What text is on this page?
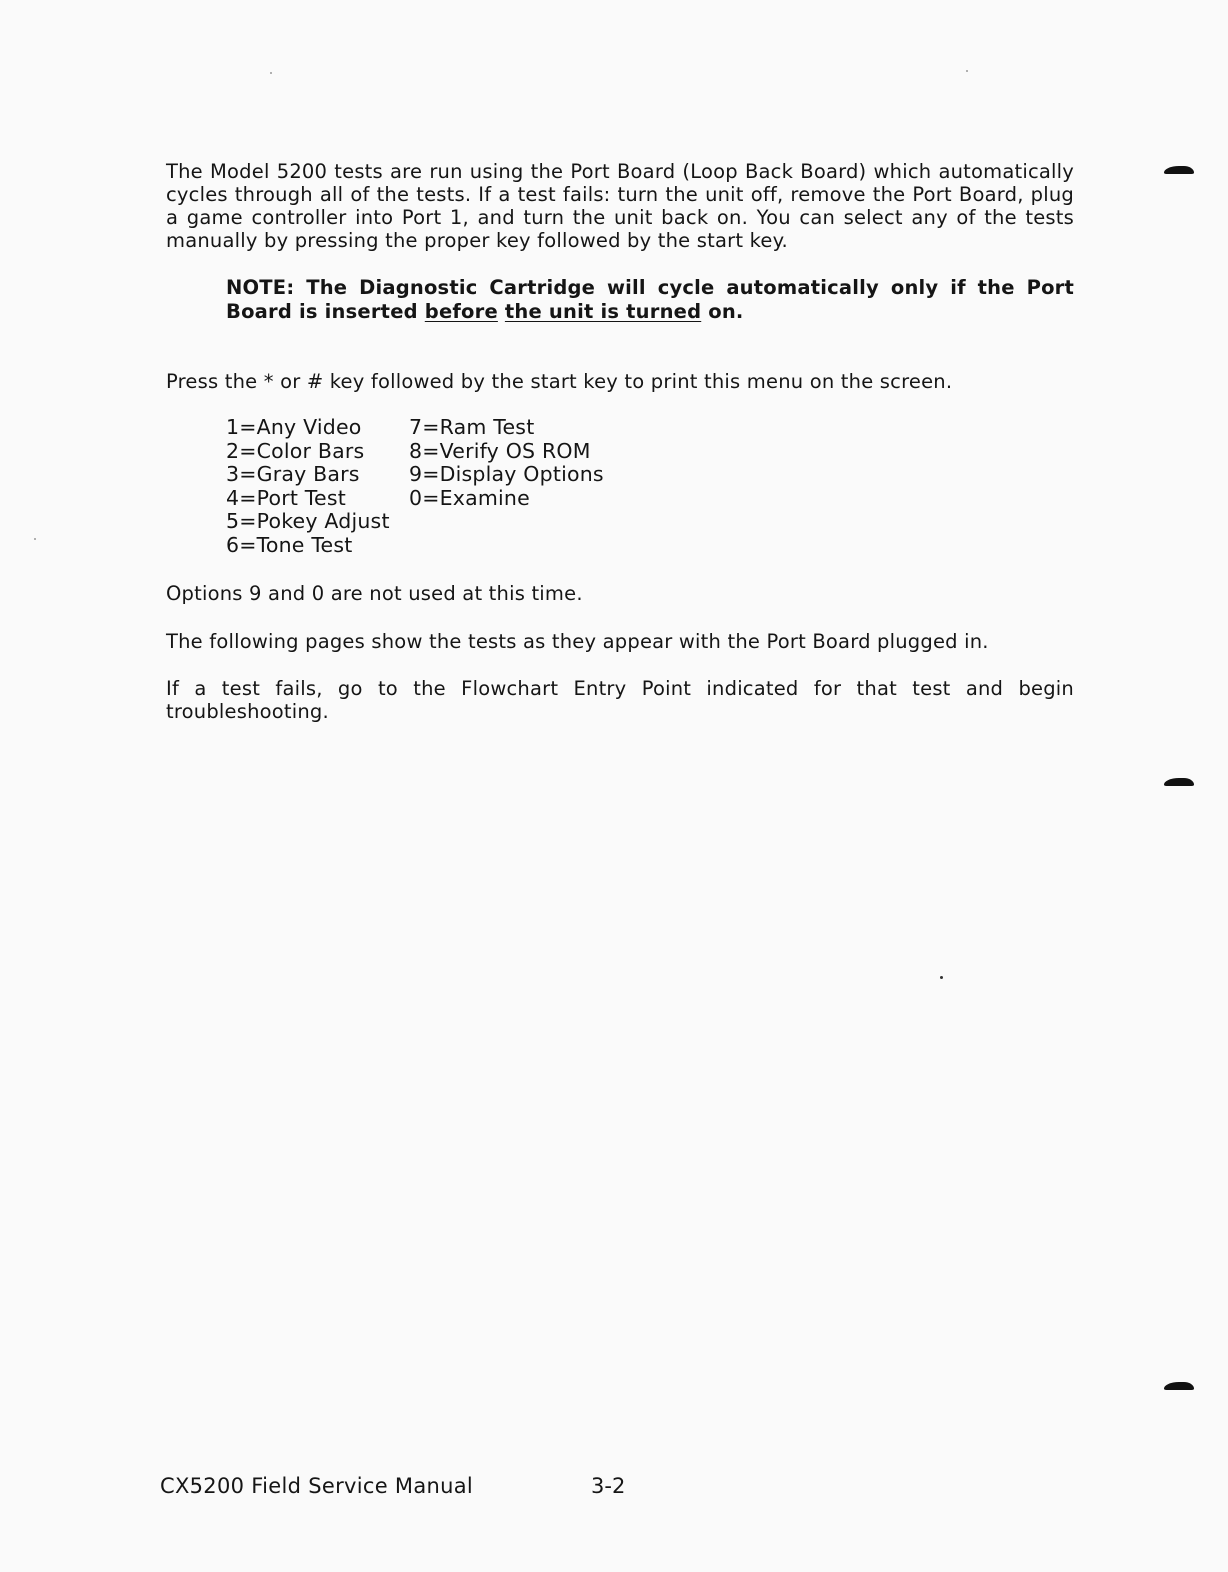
The Model 5200 tests are run using the Port Board (Loop Back Board) which automatically cycles through all of the tests. If a test fails: turn the unit off, remove the Port Board, plug a game controller into Port 1, and turn the unit back on. You can select any of the tests manually by pressing the proper key followed by the start key.

NOTE: The Diagnostic Cartridge will cycle automatically only if the Port Board is inserted before the unit is turned on.

Press the * or # key followed by the start key to print this menu on the screen.

1=Any Video
2=Color Bars
3=Gray Bars
4=Port Test
5=Pokey Adjust
6=Tone Test
7=Ram Test
8=Verify OS ROM
9=Display Options
0=Examine

Options 9 and 0 are not used at this time.

The following pages show the tests as they appear with the Port Board plugged in.

If a test fails, go to the Flowchart Entry Point indicated for that test and begin troubleshooting.

CX5200 Field Service Manual	3-2
